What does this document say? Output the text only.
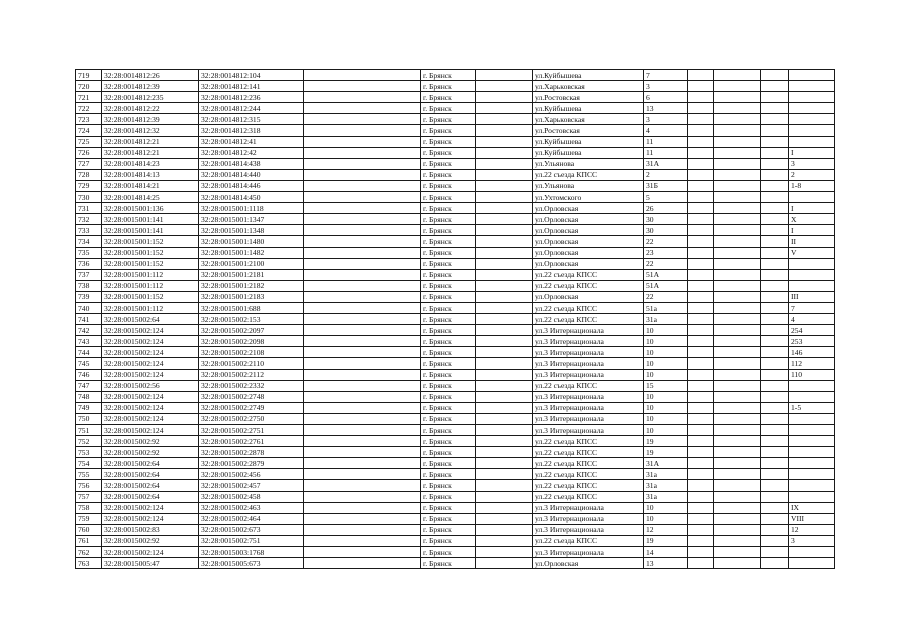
719	32:28:0014812:26	32:28:0014812:104		г. Брянск		ул.Куйбышева	7				
720	32:28:0014812:39	32:28:0014812:141		г. Брянск		ул.Харьковская	3				
721	32:28:0014812:235	32:28:0014812:236		г. Брянск		ул.Ростовская	6				
722	32:28:0014812:22	32:28:0014812:244		г. Брянск		ул.Куйбышева	13				
723	32:28:0014812:39	32:28:0014812:315		г. Брянск		ул.Харьковская	3				
724	32:28:0014812:32	32:28:0014812:318		г. Брянск		ул.Ростовская	4				
725	32:28:0014812:21	32:28:0014812:41		г. Брянск		ул.Куйбышева	11				
726	32:28:0014812:21	32:28:0014812:42		г. Брянск		ул.Куйбышева	11				I
727	32:28:0014814:23	32:28:0014814:438		г. Брянск		ул.Ульянова	31А				3
728	32:28:0014814:13	32:28:0014814:440		г. Брянск		ул.22 съезда КПСС	2				2
729	32:28:0014814:21	32:28:0014814:446		г. Брянск		ул.Ульянова	31Б				1-8
730	32:28:0014814:25	32:28:0014814:450		г. Брянск		ул.Ухтомского	5				
731	32:28:0015001:136	32:28:0015001:1118		г. Брянск		ул.Орловская	26				I
732	32:28:0015001:141	32:28:0015001:1347		г. Брянск		ул.Орловская	30				X
733	32:28:0015001:141	32:28:0015001:1348		г. Брянск		ул.Орловская	30				I
734	32:28:0015001:152	32:28:0015001:1480		г. Брянск		ул.Орловская	22				II
735	32:28:0015001:152	32:28:0015001:1482		г. Брянск		ул.Орловская	23				V
736	32:28:0015001:152	32:28:0015001:2100		г. Брянск		ул.Орловская	22				
737	32:28:0015001:112	32:28:0015001:2181		г. Брянск		ул.22 съезда КПСС	51А				
738	32:28:0015001:112	32:28:0015001:2182		г. Брянск		ул.22 съезда КПСС	51А				
739	32:28:0015001:152	32:28:0015001:2183		г. Брянск		ул.Орловская	22				III
740	32:28:0015001:112	32:28:0015001:688		г. Брянск		ул.22 съезда КПСС	51а				7
741	32:28:0015002:64	32:28:0015002:153		г. Брянск		ул.22 съезда КПСС	31а				4
742	32:28:0015002:124	32:28:0015002:2097		г. Брянск		ул.3 Интернационала	10				254
743	32:28:0015002:124	32:28:0015002:2098		г. Брянск		ул.3 Интернационала	10				253
744	32:28:0015002:124	32:28:0015002:2108		г. Брянск		ул.3 Интернационала	10				146
745	32:28:0015002:124	32:28:0015002:2110		г. Брянск		ул.3 Интернационала	10				112
746	32:28:0015002:124	32:28:0015002:2112		г. Брянск		ул.3 Интернационала	10				110
747	32:28:0015002:56	32:28:0015002:2332		г. Брянск		ул.22 съезда КПСС	15				
748	32:28:0015002:124	32:28:0015002:2748		г. Брянск		ул.3 Интернационала	10				
749	32:28:0015002:124	32:28:0015002:2749		г. Брянск		ул.3 Интернационала	10				1-5
750	32:28:0015002:124	32:28:0015002:2750		г. Брянск		ул.3 Интернационала	10				
751	32:28:0015002:124	32:28:0015002:2751		г. Брянск		ул.3 Интернационала	10				
752	32:28:0015002:92	32:28:0015002:2761		г. Брянск		ул.22 съезда КПСС	19				
753	32:28:0015002:92	32:28:0015002:2878		г. Брянск		ул.22 съезда КПСС	19				
754	32:28:0015002:64	32:28:0015002:2879		г. Брянск		ул.22 съезда КПСС	31А				
755	32:28:0015002:64	32:28:0015002:456		г. Брянск		ул.22 съезда КПСС	31а				
756	32:28:0015002:64	32:28:0015002:457		г. Брянск		ул.22 съезда КПСС	31а				
757	32:28:0015002:64	32:28:0015002:458		г. Брянск		ул.22 съезда КПСС	31а				
758	32:28:0015002:124	32:28:0015002:463		г. Брянск		ул.3 Интернационала	10				IX
759	32:28:0015002:124	32:28:0015002:464		г. Брянск		ул.3 Интернационала	10				VIII
760	32:28:0015002:83	32:28:0015002:673		г. Брянск		ул.3 Интернационала	12				12
761	32:28:0015002:92	32:28:0015002:751		г. Брянск		ул.22 съезда КПСС	19				3
762	32:28:0015002:124	32:28:0015003:1768		г. Брянск		ул.3 Интернационала	14				
763	32:28:0015005:47	32:28:0015005:673		г. Брянск		ул.Орловская	13				
